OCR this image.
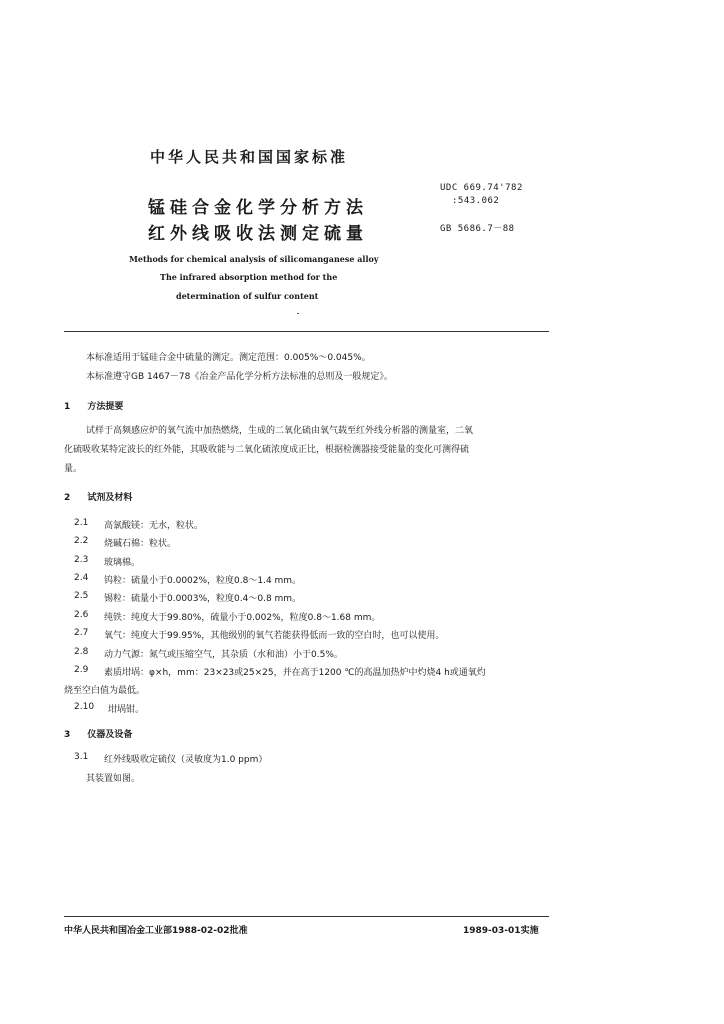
中华人民共和国国家标准
锰硅合金化学分析方法
红外线吸收法测定硫量
UDC 669.74'782
:543.062
GB 5686.7－88
Methods for chemical analysis of silicomanganese alloy
The infrared absorption method for the
determination of sulfur content
本标准适用于锰硅合金中硫量的测定。测定范围：0.005%～0.045%。
本标准遵守GB 1467－78《冶金产品化学分析方法标准的总则及一般规定》。
1 方法提要
试样于高频感应炉的氧气流中加热燃烧，生成的二氧化硫由氧气载至红外线分析器的测量室，二氧
化硫吸收某特定波长的红外能，其吸收能与二氧化硫浓度成正比，根据检测器接受能量的变化可测得硫
量。
2 试剂及材料
2.1 高氯酸镁：无水，粒状。
2.2 烧碱石棉：粒状。
2.3 玻璃棉。
2.4 钨粒：硫量小于0.0002%，粒度0.8～1.4 mm。
2.5 锡粒：硫量小于0.0003%，粒度0.4～0.8 mm。
2.6 纯铁：纯度大于99.80%，硫量小于0.002%，粒度0.8～1.68 mm。
2.7 氧气：纯度大于99.95%，其他级别的氧气若能获得低而一致的空白时，也可以使用。
2.8 动力气源：氮气或压缩空气，其杂质（水和油）小于0.5%。
2.9 素质坩埚：φ×h，mm：23×23或25×25，并在高于1200 ℃的高温加热炉中灼烧4 h或通氧灼
烧至空白值为最低。
2.10 坩埚钳。
3 仪器及设备
3.1 红外线吸收定硫仪（灵敏度为1.0 ppm）
其装置如图。
中华人民共和国冶金工业部1988-02-02批准	1989-03-01实施
